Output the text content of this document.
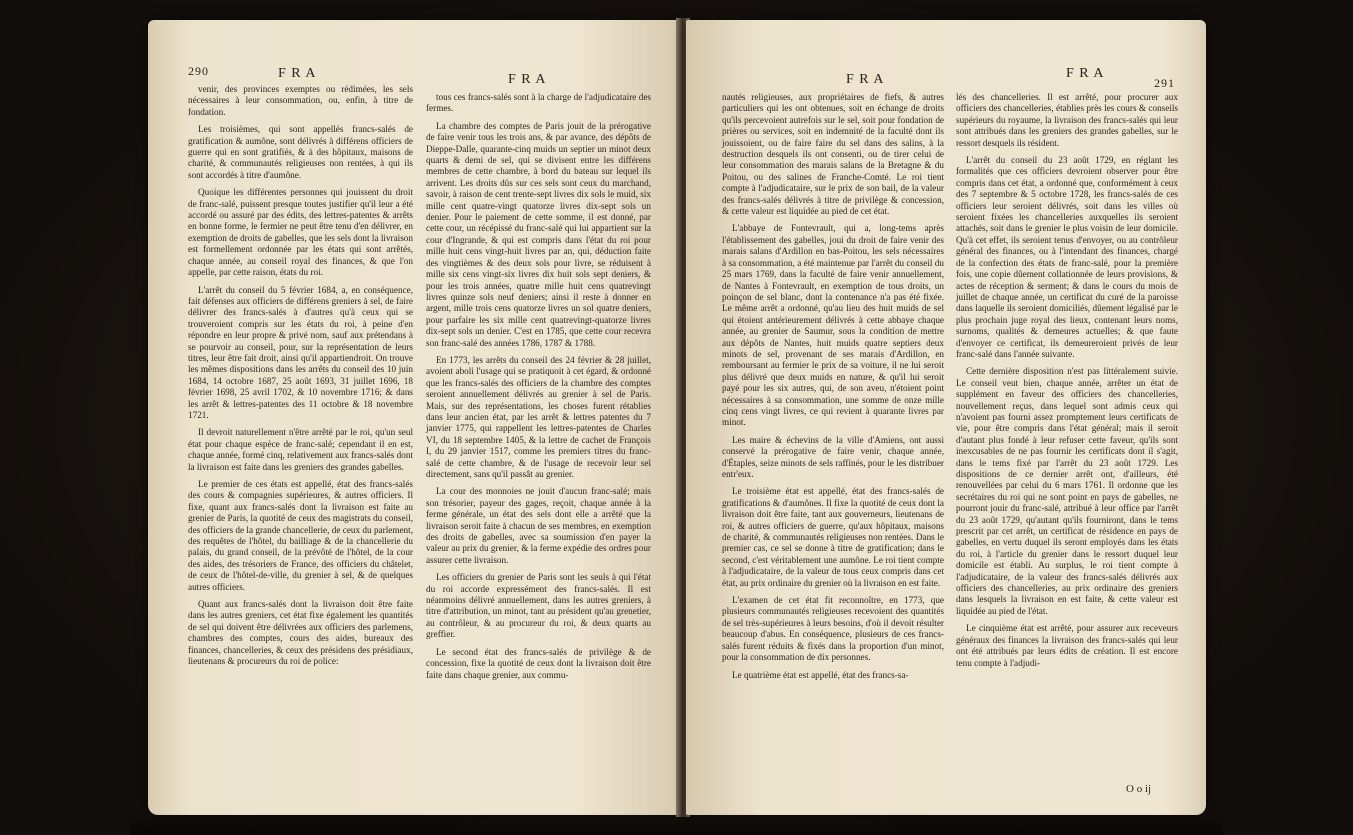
290	F R A	F R A

venir, des provinces exemptes ou rédimées, les sels nécessaires à leur consommation, ou, enfin, à titre de fondation.

Les troisièmes, qui sont appellés francs-salés de gratification & aumône, sont délivrés à différens officiers de guerre qui en sont gratifiés, & à des hôpitaux, maisons de charité, & communautés religieuses non rentées, à qui ils sont accordés à titre d'aumône.

Quoique les différentes personnes qui jouissent du droit de franc-salé, puissent presque toutes justifier qu'il leur a été accordé ou assuré par des édits, des lettres-patentes & arrêts en bonne forme, le fermier ne peut être tenu d'en délivrer, en exemption de droits de gabelles, que les sels dont la livraison est formellement ordonnée par les états qui sont arrêtés, chaque année, au conseil royal des finances, & que l'on appelle, par cette raison, états du roi.

L'arrêt du conseil du 5 février 1684, a, en conséquence, fait défenses aux officiers de différens greniers à sel, de faire délivrer des francs-salés à d'autres qu'à ceux qui se trouveroient compris sur les états du roi, à peine d'en répondre en leur propre & privé nom, sauf aux prétendans à se pourvoir au conseil, pour, sur la représentation de leurs titres, leur être fait droit, ainsi qu'il appartiendroit. On trouve les mêmes dispositions dans les arrêts du conseil des 10 juin 1684, 14 octobre 1687, 25 août 1693, 31 juillet 1696, 18 février 1698, 25 avril 1702, & 10 novembre 1716; & dans les arrêt & lettres-patentes des 11 octobre & 18 novembre 1721.

Il devroit naturellement n'être arrêté par le roi, qu'un seul état pour chaque espèce de franc-salé; cependant il en est, chaque année, formé cinq, relativement aux francs-salés dont la livraison est faite dans les greniers des grandes gabelles.

Le premier de ces états est appellé, état des francs-salés des cours & compagnies supérieures, & autres officiers. Il fixe, quant aux francs-salés dont la livraison est faite au grenier de Paris, la quotité de ceux des magistrats du conseil, des officiers de la grande chancellerie, de ceux du parlement, des requêtes de l'hôtel, du bailliage & de la chancellerie du palais, du grand conseil, de la prévôté de l'hôtel, de la cour des aides, des trésoriers de France, des officiers du châtelet, de ceux de l'hôtel-de-ville, du grenier à sel, & de quelques autres officiers.

Quant aux francs-salés dont la livraison doit être faite dans les autres greniers, cet état fixe également les quantités de sel qui doivent être délivrées aux officiers des parlemens, chambres des comptes, cours des aides, bureaux des finances, chancelleries, & ceux des présidens des présidiaux, lieutenans & procureurs du roi de police:

tous ces francs-salés sont à la charge de l'adjudicataire des fermes.

La chambre des comptes de Paris jouit de la prérogative de faire venir tous les trois ans, & par avance, des dépôts de Dieppe-Dalle, quarante-cinq muids un septier un minot deux quarts & demi de sel, qui se divisent entre les différens membres de cette chambre, à bord du bateau sur lequel ils arrivent. Les droits dûs sur ces sels sont ceux du marchand, savoir, à raison de cent trente-sept livres dix sols le muid, six mille cent quatre-vingt quatorze livres dix-sept sols un denier. Pour le paiement de cette somme, il est donné, par cette cour, un récépissé du franc-salé qui lui appartient sur la cour d'Ingrande, & qui est compris dans l'état du roi pour mille huit cens vingt-huit livres par an, qui, déduction faite des vingtièmes & des deux sols pour livre, se réduisent à mille six cens vingt-six livres dix huit sols sept deniers, & pour les trois années, quatre mille huit cens quatrevingt livres quinze sols neuf deniers; ainsi il reste à donner en argent, mille trois cens quatorze livres un sol quatre deniers, pour parfaire les six mille cent quatrevingt-quatorze livres dix-sept sols un denier. C'est en 1785, que cette cour recevra son franc-salé des années 1786, 1787 & 1788.

En 1773, les arrêts du conseil des 24 février & 28 juillet, avoient aboli l'usage qui se pratiquoit à cet égard, & ordonné que les francs-salés des officiers de la chambre des comptes seroient annuellement délivrés au grenier à sel de Paris. Mais, sur des représentations, les choses furent rétablies dans leur ancien état, par les arrêt & lettres patentes du 7 janvier 1775, qui rappellent les lettres-patentes de Charles VI, du 18 septembre 1405, & la lettre de cachet de François I, du 29 janvier 1517, comme les premiers titres du franc-salé de cette chambre, & de l'usage de recevoir leur sel directement, sans qu'il passât au grenier.

La cour des monnoies ne jouit d'aucun franc-salé; mais son trésorier, payeur des gages, reçoit, chaque année à la ferme générale, un état des sels dont elle a arrêté que la livraison seroit faite à chacun de ses membres, en exemption des droits de gabelles, avec sa soumission d'en payer la valeur au prix du grenier, & la ferme expédie des ordres pour assurer cette livraison.

Les officiers du grenier de Paris sont les seuls à qui l'état du roi accorde expressément des francs-salés. Il est néanmoins délivré annuellement, dans les autres greniers, à titre d'attribution, un minot, tant au président qu'au grenetier, au contrôleur, & au procureur du roi, & deux quarts au greffier.

Le second état des francs-salés de privilège & de concession, fixe la quotité de ceux dont la livraison doit être faite dans chaque grenier, aux commu-

F R A	F R A
291

nautés religieuses, aux propriétaires de fiefs, & autres particuliers qui les ont obtenues, soit en échange de droits qu'ils percevoient autrefois sur le sel, soit pour fondation de prières ou services, soit en indemnité de la faculté dont ils jouissoient, ou de faire faire du sel dans des salins, à la destruction desquels ils ont consenti, ou de tirer celui de leur consommation des marais salans de la Bretagne & du Poitou, ou des salines de Franche-Comté. Le roi tient compte à l'adjudicataire, sur le prix de son bail, de la valeur des francs-salés délivrés à titre de privilège & concession, & cette valeur est liquidée au pied de cet état.

L'abbaye de Fontevrault, qui a, long-tems après l'établissement des gabelles, joui du droit de faire venir des marais salans d'Ardillon en bas-Poitou, les sels nécessaires à sa consommation, a été maintenue par l'arrêt du conseil du 25 mars 1769, dans la faculté de faire venir annuellement, de Nantes à Fontevrault, en exemption de tous droits, un poinçon de sel blanc, dont la contenance n'a pas été fixée. Le même arrêt a ordonné, qu'au lieu des huit muids de sel qui étoient antérieurement délivrés à cette abbaye chaque année, au grenier de Saumur, sous la condition de mettre aux dépôts de Nantes, huit muids quatre septiers deux minots de sel, provenant de ses marais d'Ardillon, en remboursant au fermier le prix de sa voiture, il ne lui seroit plus délivré que deux muids en nature, & qu'il lui seroit payé pour les six autres, qui, de son aveu, n'étoient point nécessaires à sa consommation, une somme de onze mille cinq cens vingt livres, ce qui revient à quarante livres par minot.

Les maire & échevins de la ville d'Amiens, ont aussi conservé la prérogative de faire venir, chaque année, d'Étaples, seize minots de sels raffinés, pour le les distribuer entr'eux.

Le troisième état est appellé, état des francs-salés de gratifications & d'aumônes. Il fixe la quotité de ceux dont la livraison doit être faite, tant aux gouverneurs, lieutenans de roi, & autres officiers de guerre, qu'aux hôpitaux, maisons de charité, & communautés religieuses non rentées. Dans le premier cas, ce sel se donne à titre de gratification; dans le second, c'est véritablement une aumône. Le roi tient compte à l'adjudicataire, de la valeur de tous ceux compris dans cet état, au prix ordinaire du grenier où la livraison en est faite.

L'examen de cet état fit reconnoître, en 1773, que plusieurs communautés religieuses recevoient des quantités de sel très-supérieures à leurs besoins, d'où il devoit résulter beaucoup d'abus. En conséquence, plusieurs de ces francs-salés furent réduits & fixés dans la proportion d'un minot, pour la consommation de dix personnes.

Le quatrième état est appellé, état des francs-sa-

lés des chancelleries. Il est arrêté, pour procurer aux officiers des chancelleries, établies près les cours & conseils supérieurs du royaume, la livraison des francs-salés qui leur sont attribués dans les greniers des grandes gabelles, sur le ressort desquels ils résident.

L'arrêt du conseil du 23 août 1729, en réglant les formalités que ces officiers devroient observer pour être compris dans cet état, a ordonné que, conformément à ceux des 7 septembre & 5 octobre 1728, les francs-salés de ces officiers leur seroient délivrés, soit dans les villes où seroient fixées les chancelleries auxquelles ils seroient attachés, soit dans le grenier le plus voisin de leur domicile. Qu'à cet effet, ils seroient tenus d'envoyer, ou au contrôleur général des finances, ou à l'intendant des finances, chargé de la confection des états de franc-salé, pour la première fois, une copie dûement collationnée de leurs provisions, & actes de réception & serment; & dans le cours du mois de juillet de chaque année, un certificat du curé de la paroisse dans laquelle ils seroient domiciliés, dûement légalisé par le plus prochain juge royal des lieux, contenant leurs noms, surnoms, qualités & demeures actuelles; & que faute d'envoyer ce certificat, ils demeureroient privés de leur franc-salé dans l'année suivante.

Cette dernière disposition n'est pas littéralement suivie. Le conseil veut bien, chaque année, arrêter un état de supplément en faveur des officiers des chancelleries, nouvellement reçus, dans lequel sont admis ceux qui n'avoient pas fourni assez promptement leurs certificats de vie, pour être compris dans l'état général; mais il seroit d'autant plus fondé à leur refuser cette faveur, qu'ils sont inexcusables de ne pas fournir les certificats dont il s'agit, dans le tems fixé par l'arrêt du 23 août 1729. Les dispositions de ce dernier arrêt ont, d'ailleurs, été renouvellées par celui du 6 mars 1761. Il ordonne que les secrétaires du roi qui ne sont point en pays de gabelles, ne pourront jouir du franc-salé, attribué à leur office par l'arrêt du 23 août 1729, qu'autant qu'ils fourniront, dans le tems prescrit par cet arrêt, un certificat de résidence en pays de gabelles, en vertu duquel ils seront employés dans les états du roi, à l'article du grenier dans le ressort duquel leur domicile est établi. Au surplus, le roi tient compte à l'adjudicataire, de la valeur des francs-salés délivrés aux officiers des chancelleries, au prix ordinaire des greniers dans lesquels la livraison en est faite, & cette valeur est liquidée au pied de l'état.

Le cinquième état est arrêté, pour assurer aux receveurs généraux des finances la livraison des francs-salés qui leur ont été attribués par leurs édits de création. Il est encore tenu compte à l'adjudi-

O o ij
